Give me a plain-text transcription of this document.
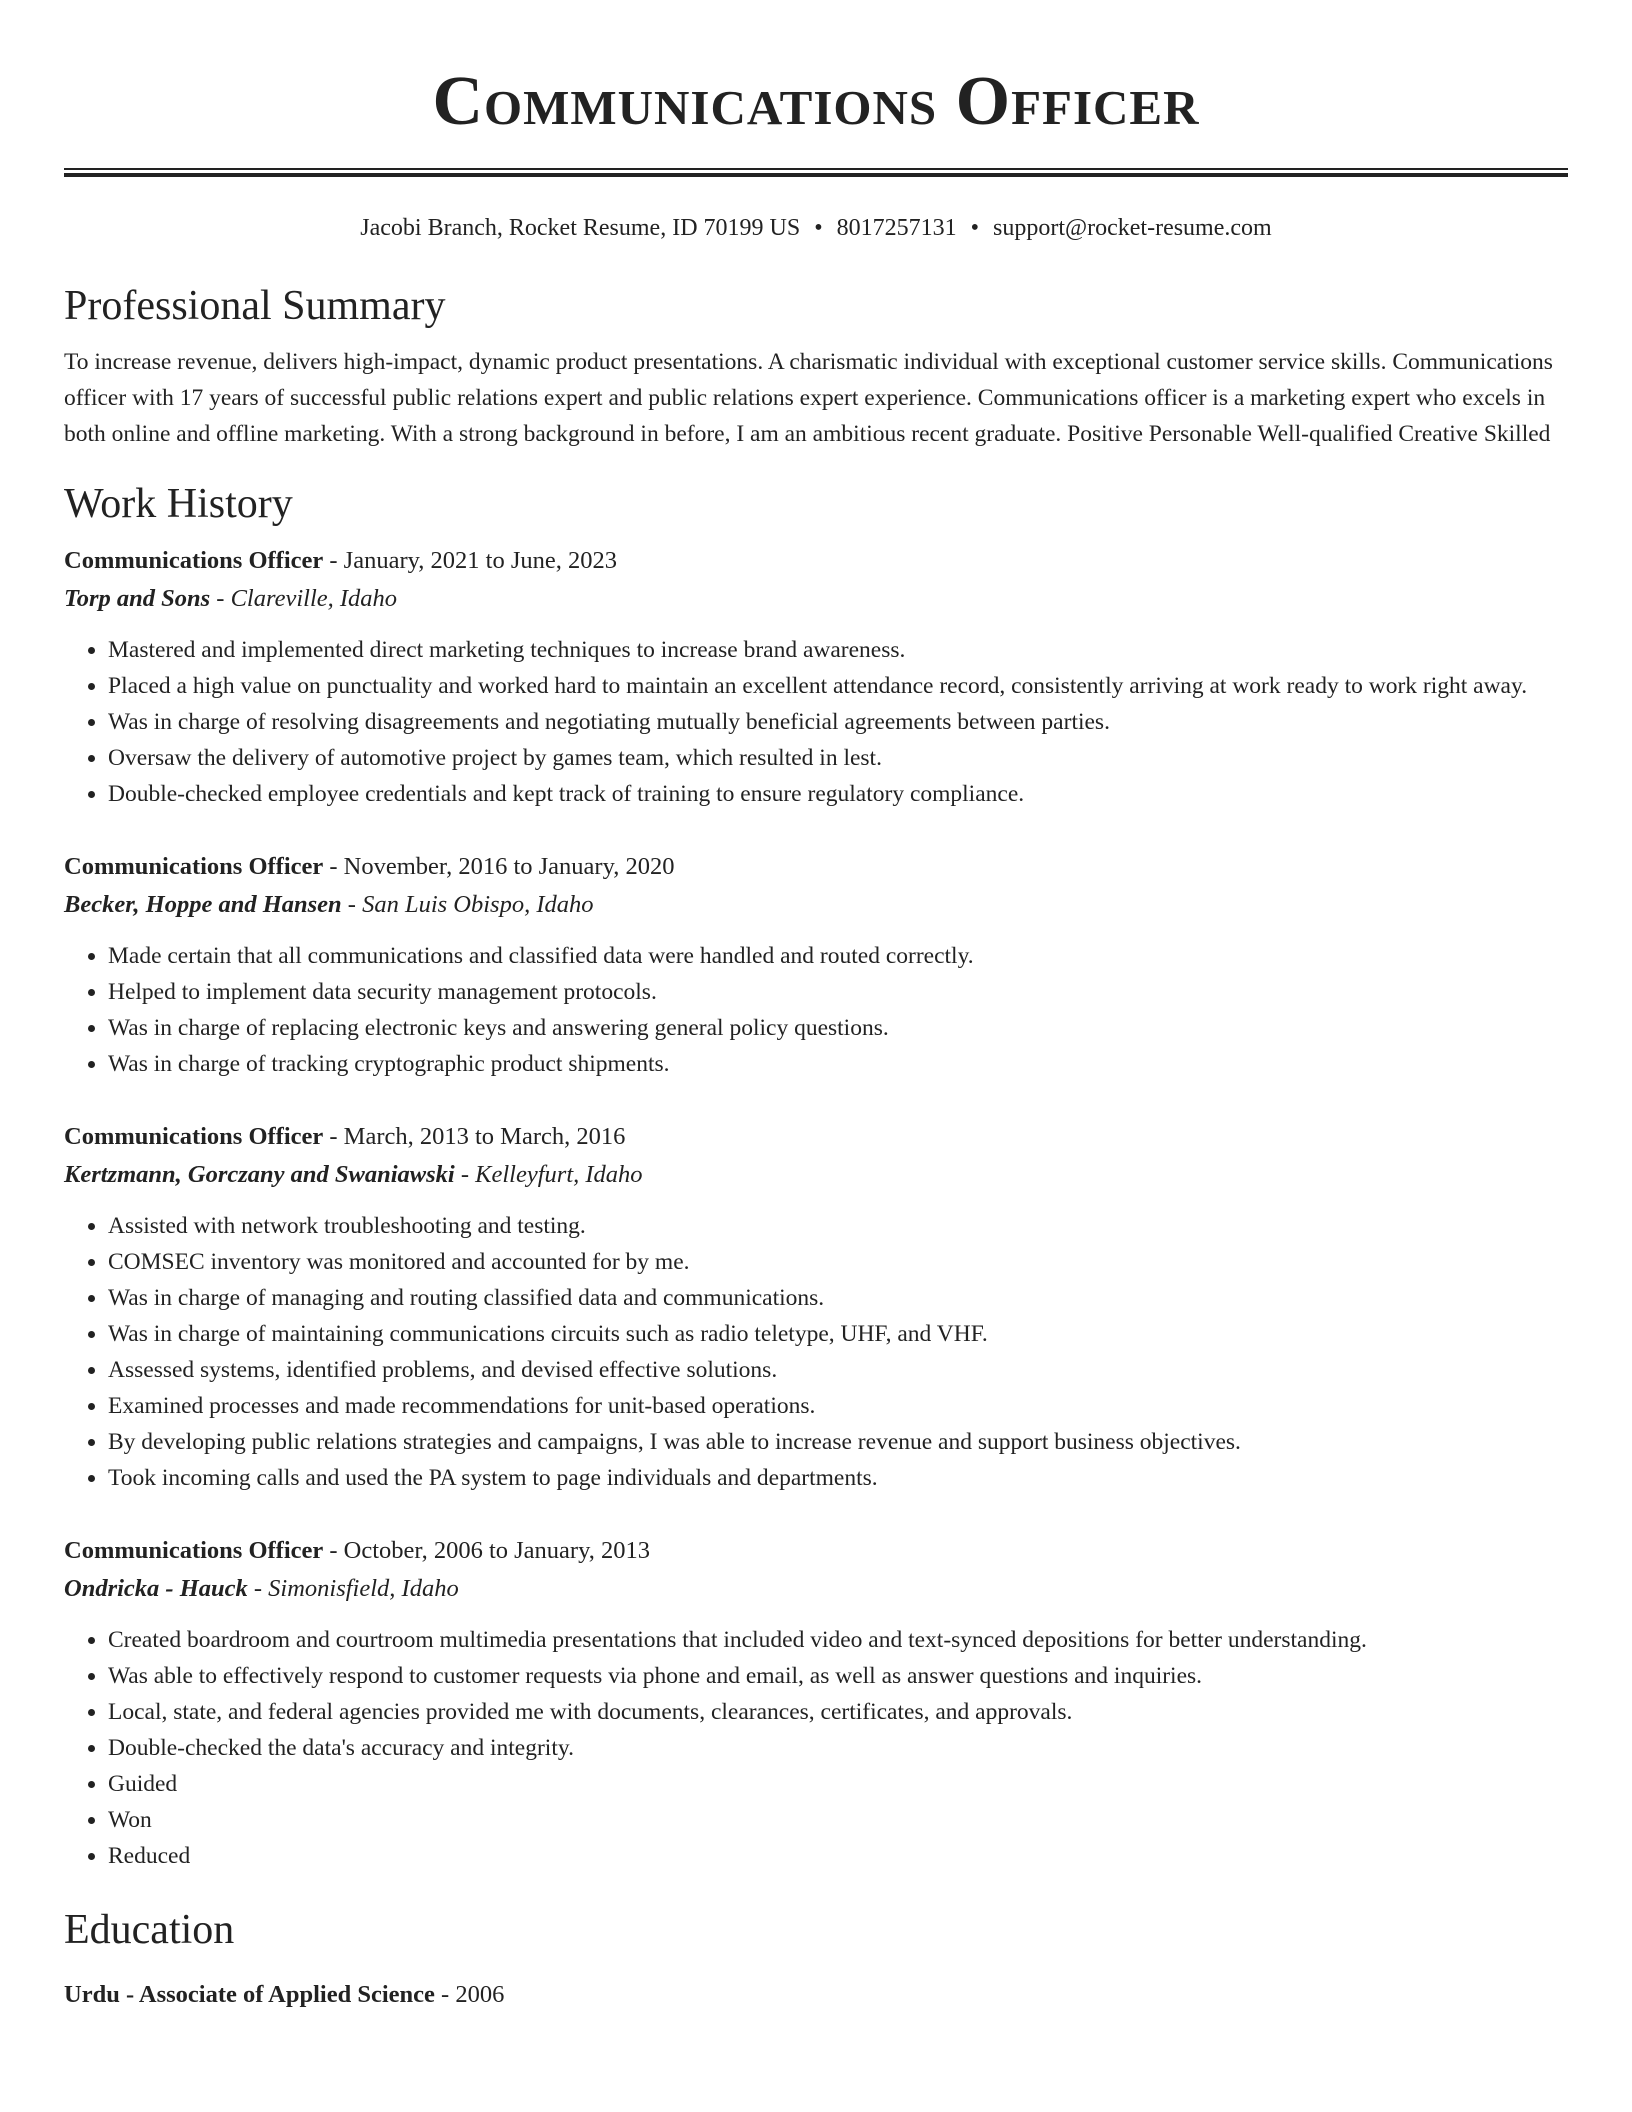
Communications Officer
Jacobi Branch, Rocket Resume, ID 70199 US • 8017257131 • support@rocket-resume.com
Professional Summary

To increase revenue, delivers high-impact, dynamic product presentations. A charismatic individual with exceptional customer service skills. Communications officer with 17 years of successful public relations expert and public relations expert experience. Communications officer is a marketing expert who excels in both online and offline marketing. With a strong background in before, I am an ambitious recent graduate. Positive Personable Well-qualified Creative Skilled

Work History
Communications Officer - January, 2021 to June, 2023
Torp and Sons - Clareville, Idaho
• Mastered and implemented direct marketing techniques to increase brand awareness.
• Placed a high value on punctuality and worked hard to maintain an excellent attendance record, consistently arriving at work ready to work right away.
• Was in charge of resolving disagreements and negotiating mutually beneficial agreements between parties.
• Oversaw the delivery of automotive project by games team, which resulted in lest.
• Double-checked employee credentials and kept track of training to ensure regulatory compliance.
Communications Officer - November, 2016 to January, 2020
Becker, Hoppe and Hansen - San Luis Obispo, Idaho
• Made certain that all communications and classified data were handled and routed correctly.
• Helped to implement data security management protocols.
• Was in charge of replacing electronic keys and answering general policy questions.
• Was in charge of tracking cryptographic product shipments.
Communications Officer - March, 2013 to March, 2016
Kertzmann, Gorczany and Swaniawski - Kelleyfurt, Idaho
• Assisted with network troubleshooting and testing.
• COMSEC inventory was monitored and accounted for by me.
• Was in charge of managing and routing classified data and communications.
• Was in charge of maintaining communications circuits such as radio teletype, UHF, and VHF.
• Assessed systems, identified problems, and devised effective solutions.
• Examined processes and made recommendations for unit-based operations.
• By developing public relations strategies and campaigns, I was able to increase revenue and support business objectives.
• Took incoming calls and used the PA system to page individuals and departments.
Communications Officer - October, 2006 to January, 2013
Ondricka - Hauck - Simonisfield, Idaho
• Created boardroom and courtroom multimedia presentations that included video and text-synced depositions for better understanding.
• Was able to effectively respond to customer requests via phone and email, as well as answer questions and inquiries.
• Local, state, and federal agencies provided me with documents, clearances, certificates, and approvals.
• Double-checked the data's accuracy and integrity.
• Guided
• Won
• Reduced
Education
Urdu - Associate of Applied Science - 2006
